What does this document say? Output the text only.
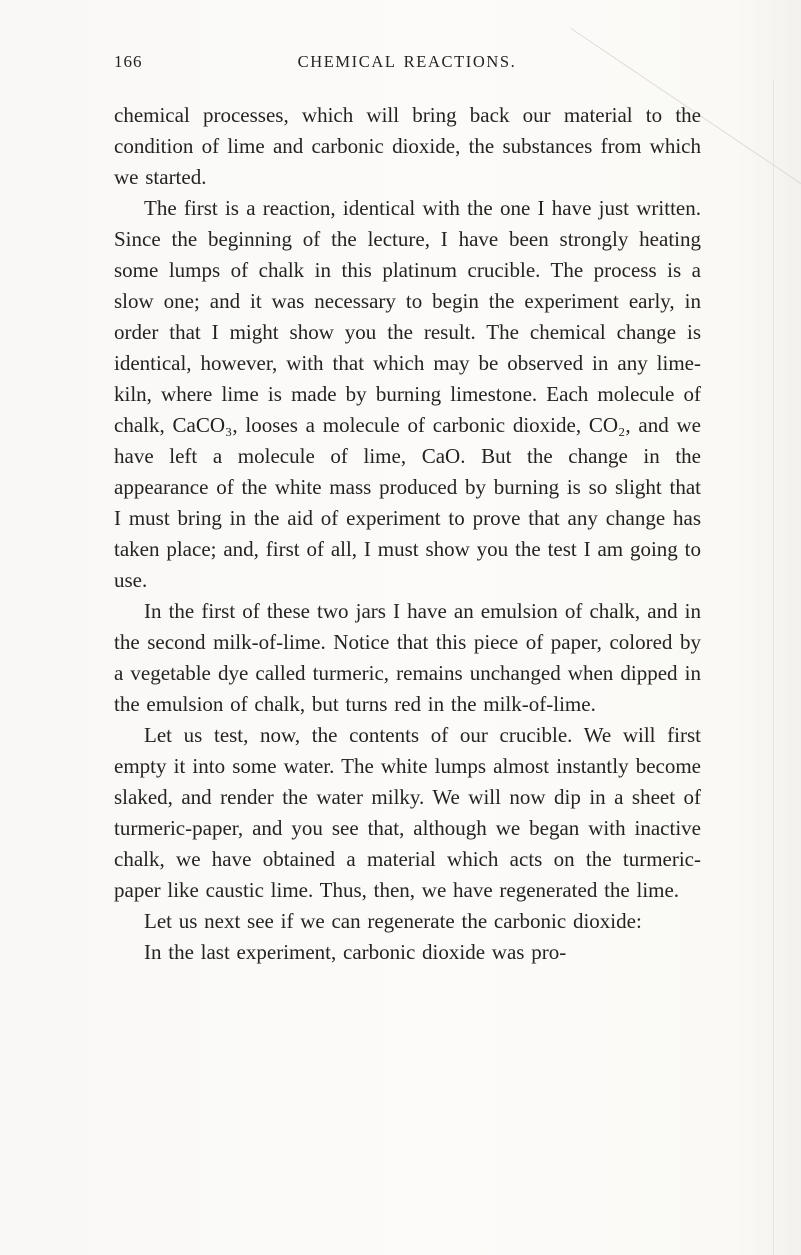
166	CHEMICAL REACTIONS.

chemical processes, which will bring back our material to the condition of lime and carbonic dioxide, the substances from which we started.

The first is a reaction, identical with the one I have just written. Since the beginning of the lecture, I have been strongly heating some lumps of chalk in this platinum crucible. The process is a slow one; and it was necessary to begin the experiment early, in order that I might show you the result. The chemical change is identical, however, with that which may be observed in any lime-kiln, where lime is made by burning limestone. Each molecule of chalk, CaCO₃, looses a molecule of carbonic dioxide, CO₂, and we have left a molecule of lime, CaO. But the change in the appearance of the white mass produced by burning is so slight that I must bring in the aid of experiment to prove that any change has taken place; and, first of all, I must show you the test I am going to use.

In the first of these two jars I have an emulsion of chalk, and in the second milk-of-lime. Notice that this piece of paper, colored by a vegetable dye called turmeric, remains unchanged when dipped in the emulsion of chalk, but turns red in the milk-of-lime.

Let us test, now, the contents of our crucible. We will first empty it into some water. The white lumps almost instantly become slaked, and render the water milky. We will now dip in a sheet of turmeric-paper, and you see that, although we began with inactive chalk, we have obtained a material which acts on the turmeric-paper like caustic lime. Thus, then, we have regenerated the lime.

Let us next see if we can regenerate the carbonic dioxide:

In the last experiment, carbonic dioxide was pro-
